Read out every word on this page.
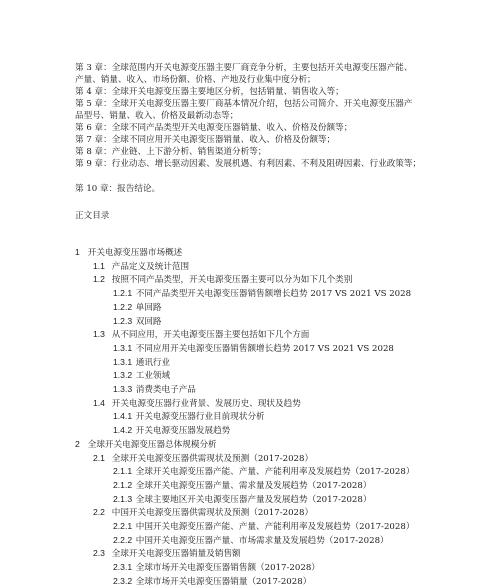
第 3 章：全球范围内开关电源变压器主要厂商竞争分析，主要包括开关电源变压器产能、
产量、销量、收入、市场份额、价格、产地及行业集中度分析；
第 4 章：全球开关电源变压器主要地区分析，包括销量、销售收入等；
第 5 章：全球开关电源变压器主要厂商基本情况介绍，包括公司简介、开关电源变压器产
品型号、销量、收入、价格及最新动态等；
第 6 章：全球不同产品类型开关电源变压器销量、收入、价格及份额等；
第 7 章：全球不同应用开关电源变压器销量、收入、价格及份额等；
第 8 章：产业链、上下游分析、销售渠道分析等；
第 9 章：行业动态、增长驱动因素、发展机遇、有利因素、不利及阻碍因素、行业政策等；
第 10 章：报告结论。
正文目录
1 开关电源变压器市场概述
1.1 产品定义及统计范围
1.2 按照不同产品类型，开关电源变压器主要可以分为如下几个类别
1.2.1 不同产品类型开关电源变压器销售额增长趋势 2017 VS 2021 VS 2028
1.2.2 单回路
1.2.3 双回路
1.3 从不同应用，开关电源变压器主要包括如下几个方面
1.3.1 不同应用开关电源变压器销售额增长趋势 2017 VS 2021 VS 2028
1.3.1 通讯行业
1.3.2 工业领域
1.3.3 消费类电子产品
1.4 开关电源变压器行业背景、发展历史、现状及趋势
1.4.1 开关电源变压器行业目前现状分析
1.4.2 开关电源变压器发展趋势
2 全球开关电源变压器总体规模分析
2.1 全球开关电源变压器供需现状及预测（2017-2028）
2.1.1 全球开关电源变压器产能、产量、产能利用率及发展趋势（2017-2028）
2.1.2 全球开关电源变压器产量、需求量及发展趋势（2017-2028）
2.1.3 全球主要地区开关电源变压器产量及发展趋势（2017-2028）
2.2 中国开关电源变压器供需现状及预测（2017-2028）
2.2.1 中国开关电源变压器产能、产量、产能利用率及发展趋势（2017-2028）
2.2.2 中国开关电源变压器产量、市场需求量及发展趋势（2017-2028）
2.3 全球开关电源变压器销量及销售额
2.3.1 全球市场开关电源变压器销售额（2017-2028）
2.3.2 全球市场开关电源变压器销量（2017-2028）
